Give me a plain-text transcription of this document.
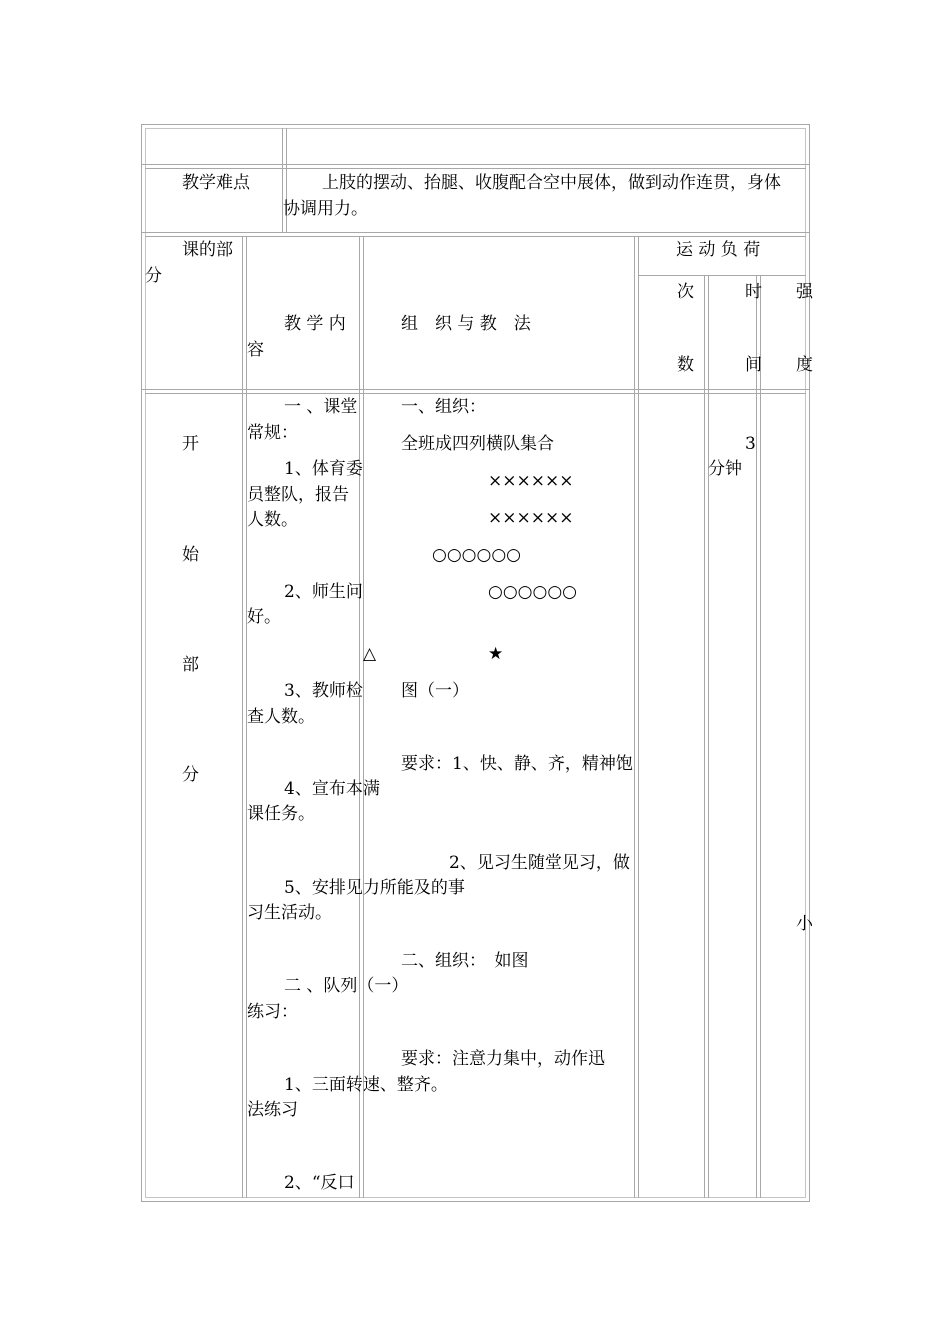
教学难点	上肢的摆动、抬腿、收腹配合空中展体，做到动作连贯，身体
协调用力。
课的部
分
教 学 内
容
组　织 与 教　法
运 动 负 荷
次
数
时
间
强
度
开
始
部
分
一 、课堂
常规：
1、体育委
员整队，报告
人数。
2、师生问
好。
3、教师检
查人数。
4、宣布本满
课任务。
5、安排见力所能及的事
习生活动。
二 、队列（一）
练习：
1、三面转速、整齐。
法练习
2、“反口
一、组织：
全班成四列横队集合
××××××
××××××
○○○○○○
○○○○○○
△	★
图（一）
要求：1、快、静、齐，精神饱
2、见习生随堂见习，做
二、组织：　如图
要求：注意力集中，动作迅
3
分钟
小
